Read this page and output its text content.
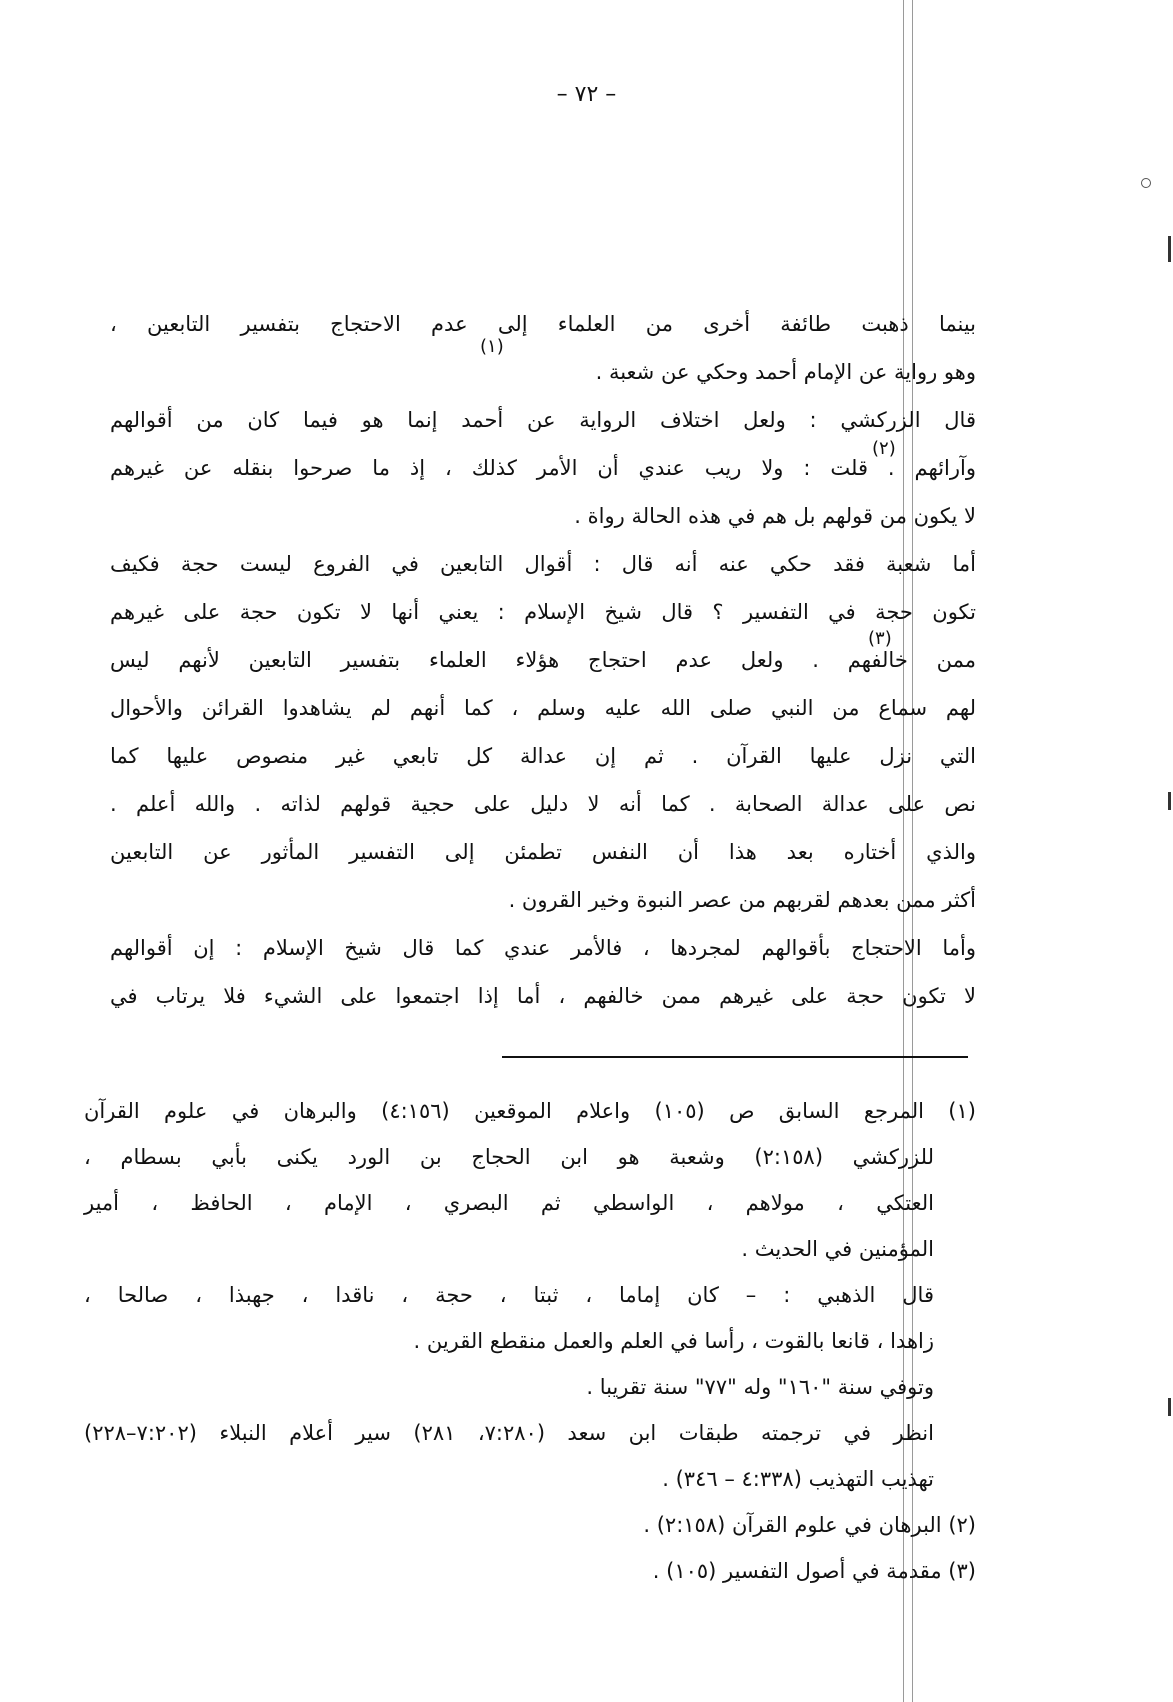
– ٧٢ –
بينما ذهبت طائفة أخرى من العلماء إلى عدم الاحتجاج بتفسير التابعين ،
وهو رواية عن الإمام أحمد وحكي عن شعبة .
قال الزركشي : ولعل اختلاف الرواية عن أحمد إنما هو فيما كان من أقوالهم
وآرائهم . قلت : ولا ريب عندي أن الأمر كذلك ، إذ ما صرحوا بنقله عن غيرهم
لا يكون من قولهم بل هم في هذه الحالة رواة .
أما شعبة فقد حكي عنه أنه قال : أقوال التابعين في الفروع ليست حجة فكيف
تكون حجة في التفسير ؟ قال شيخ الإسلام : يعني أنها لا تكون حجة على غيرهم
ممن خالفهم . ولعل عدم احتجاج هؤلاء العلماء بتفسير التابعين لأنهم ليس
لهم سماع من النبي صلى الله عليه وسلم ، كما أنهم لم يشاهدوا القرائن والأحوال
التي نزل عليها القرآن . ثم إن عدالة كل تابعي غير منصوص عليها كما
نص على عدالة الصحابة . كما أنه لا دليل على حجية قولهم لذاته . والله أعلم .
والذي أختاره بعد هذا أن النفس تطمئن إلى التفسير المأثور عن التابعين
أكثر ممن بعدهم لقربهم من عصر النبوة وخير القرون .
وأما الاحتجاج بأقوالهم لمجردها ، فالأمر عندي كما قال شيخ الإسلام : إن أقوالهم
لا تكون حجة على غيرهم ممن خالفهم ، أما إذا اجتمعوا على الشيء فلا يرتاب في
(١)
(٢)
(٣)
(١) المرجع السابق ص (١٠٥) واعلام الموقعين (٤:١٥٦) والبرهان في علوم القرآن
للزركشي (٢:١٥٨) وشعبة هو ابن الحجاج بن الورد يكنى بأبي بسطام ،
العتكي ، مولاهم ، الواسطي ثم البصري ، الإمام ، الحافظ ، أمير
المؤمنين في الحديث .
قال الذهبي : – كان إماما ، ثبتا ، حجة ، ناقدا ، جهبذا ، صالحا ،
زاهدا ، قانعا بالقوت ، رأسا في العلم والعمل منقطع القرين .
وتوفي سنة "١٦٠" وله "٧٧" سنة تقريبا .
انظر في ترجمته طبقات ابن سعد (٧:٢٨٠، ٢٨١) سير أعلام النبلاء (٧:٢٠٢–٢٢٨)
تهذيب التهذيب (٤:٣٣٨ – ٣٤٦) .
(٢) البرهان في علوم القرآن (٢:١٥٨) .
(٣) مقدمة في أصول التفسير (١٠٥) .
